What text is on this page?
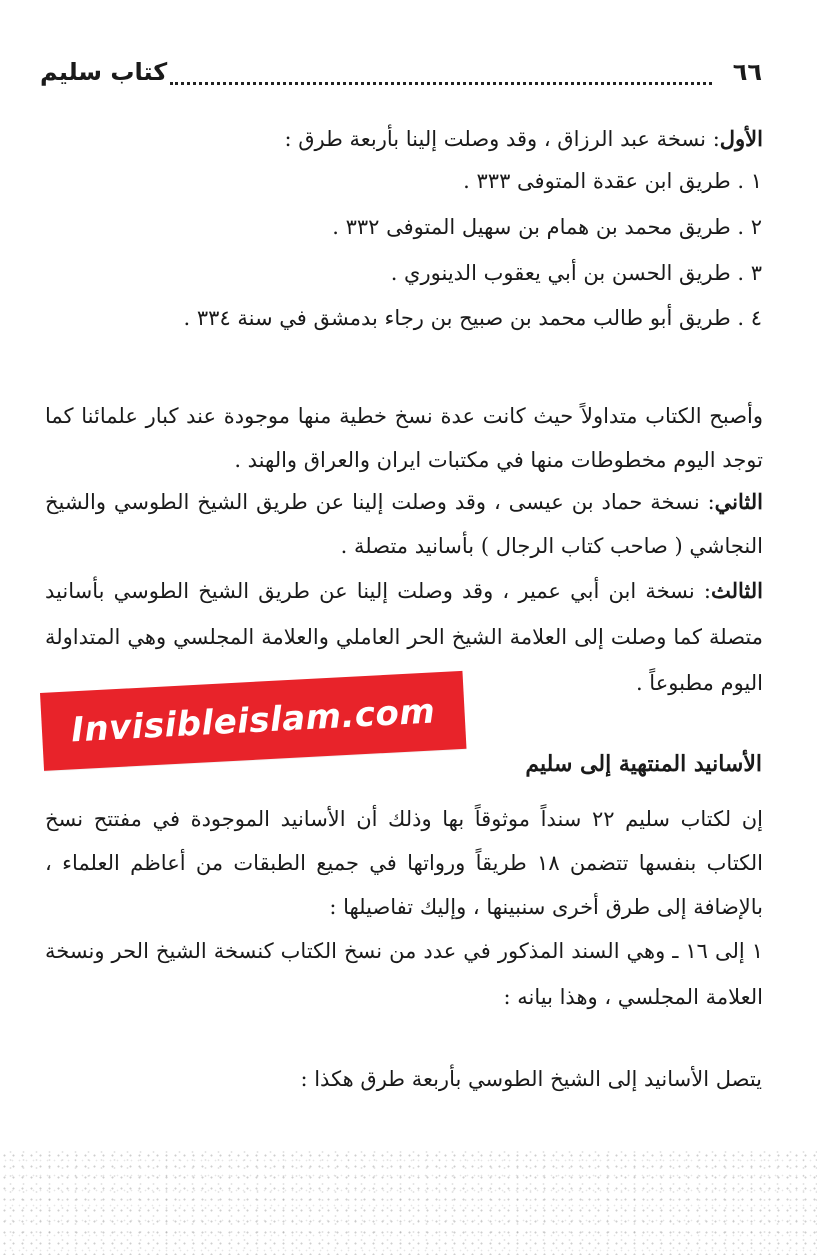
٦٦
كتاب سليم
الأول: نسخة عبد الرزاق ، وقد وصلت إلينا بأربعة طرق :
١ . طريق ابن عقدة المتوفى ٣٣٣ .
٢ . طريق محمد بن همام بن سهيل المتوفى ٣٣٢ .
٣ . طريق الحسن بن أبي يعقوب الدينوري .
٤ . طريق أبو طالب محمد بن صبيح بن رجاء بدمشق في سنة ٣٣٤ .
وأصبح الكتاب متداولاً حيث كانت عدة نسخ خطية منها موجودة عند كبار علمائنا كما توجد اليوم مخطوطات منها في مكتبات ايران والعراق والهند .
الثاني: نسخة حماد بن عيسى ، وقد وصلت إلينا عن طريق الشيخ الطوسي والشيخ النجاشي ( صاحب كتاب الرجال ) بأسانيد متصلة .
الثالث: نسخة ابن أبي عمير ، وقد وصلت إلينا عن طريق الشيخ الطوسي بأسانيد متصلة كما وصلت إلى العلامة الشيخ الحر العاملي والعلامة المجلسي وهي المتداولة اليوم مطبوعاً .
Invisibleislam.com
الأسانيد المنتهية إلى سليم
إن لكتاب سليم ٢٢ سنداً موثوقاً بها وذلك أن الأسانيد الموجودة في مفتتح نسخ الكتاب بنفسها تتضمن ١٨ طريقاً ورواتها في جميع الطبقات من أعاظم العلماء ، بالإضافة إلى طرق أخرى سنبينها ، وإليك تفاصيلها :
١ إلى ١٦ ـ وهي السند المذكور في عدد من نسخ الكتاب كنسخة الشيخ الحر ونسخة العلامة المجلسي ، وهذا بيانه :
يتصل الأسانيد إلى الشيخ الطوسي بأربعة طرق هكذا :
